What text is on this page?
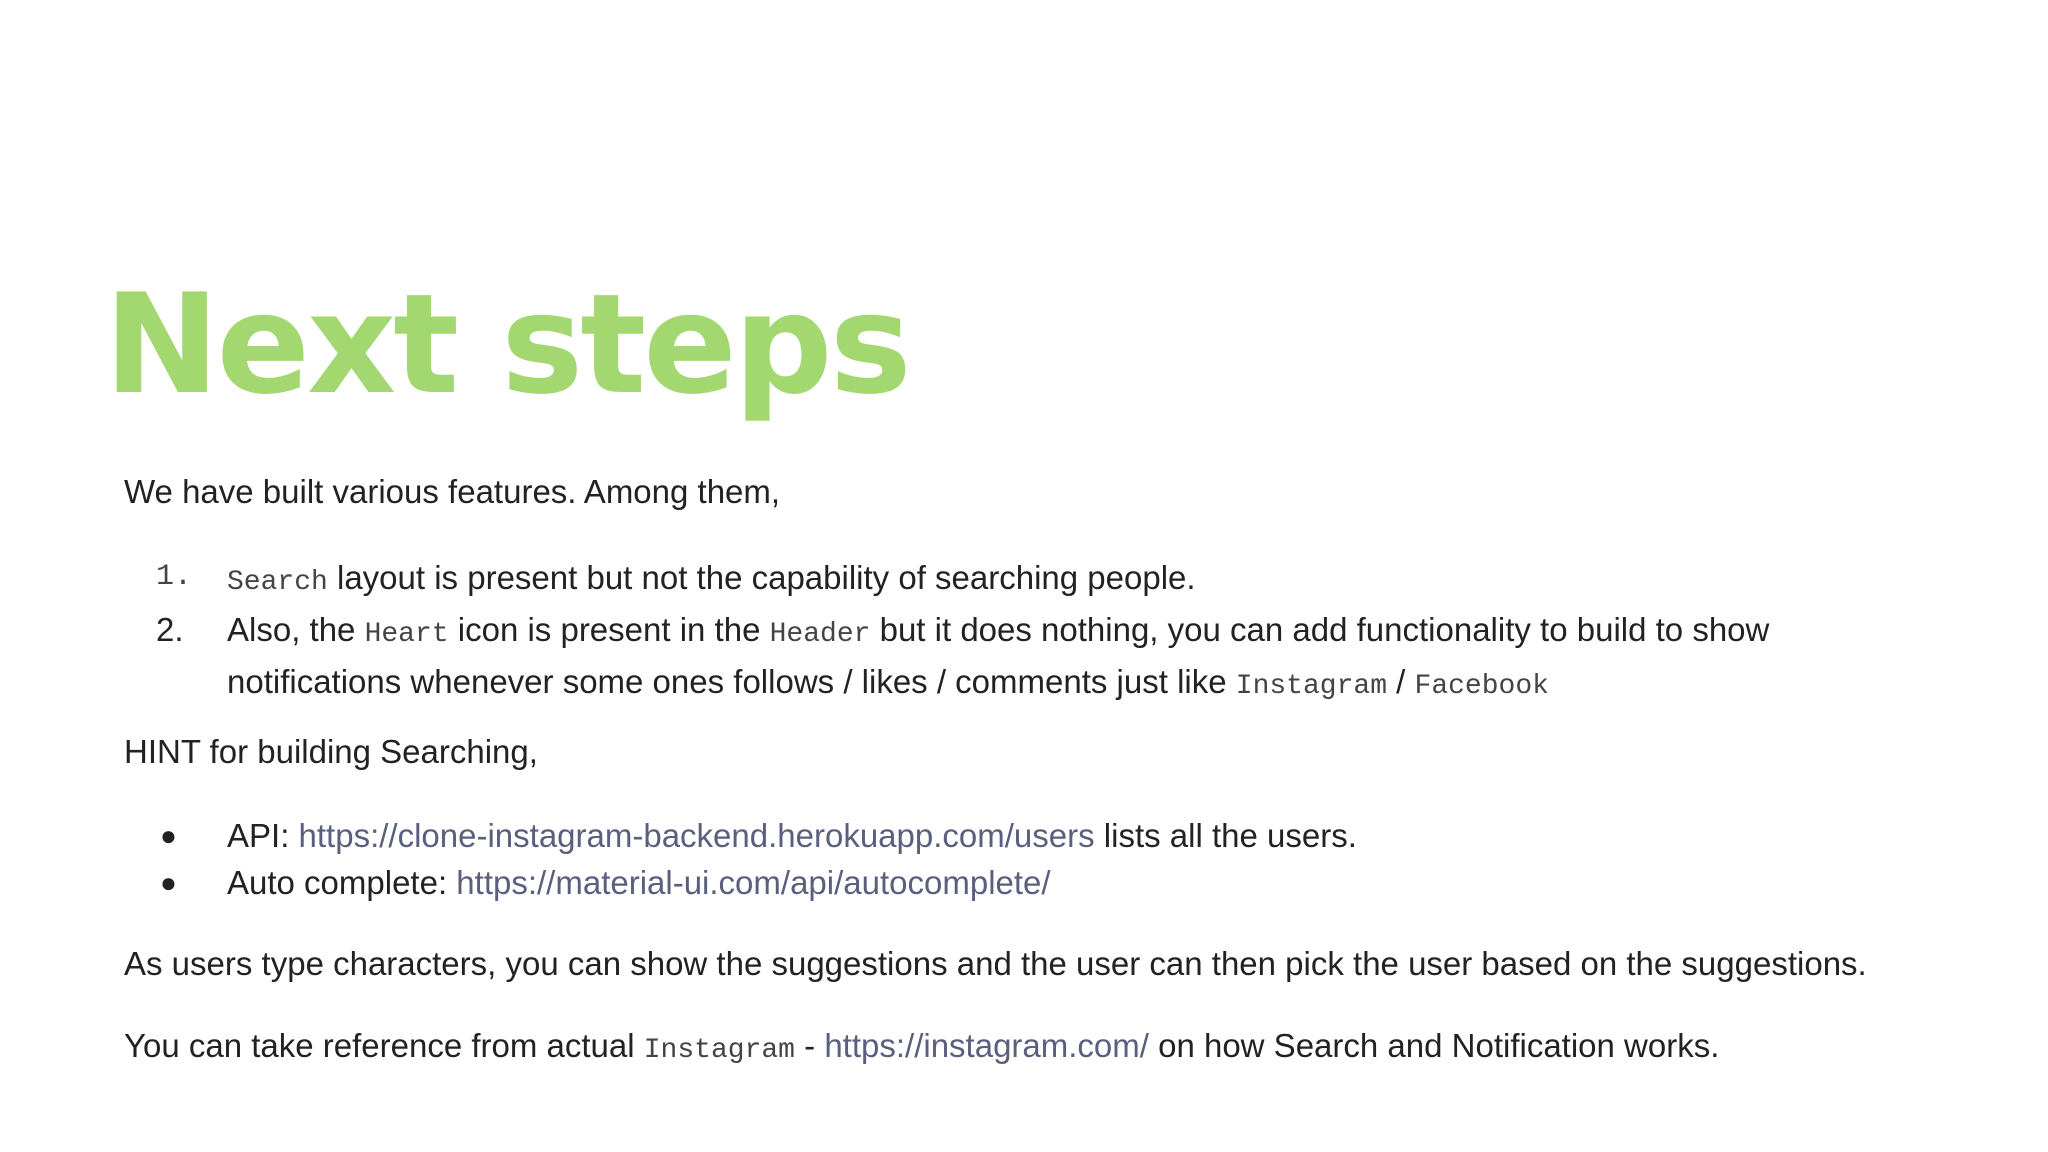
Next steps

We have built various features. Among them,

1. Search layout is present but not the capability of searching people.
2. Also, the Heart icon is present in the Header but it does nothing, you can add functionality to build to show
notifications whenever some ones follows / likes / comments just like Instagram / Facebook

HINT for building Searching,

● API: https://clone-instagram-backend.herokuapp.com/users lists all the users.
● Auto complete: https://material-ui.com/api/autocomplete/

As users type characters, you can show the suggestions and the user can then pick the user based on the suggestions.

You can take reference from actual Instagram - https://instagram.com/ on how Search and Notification works.
